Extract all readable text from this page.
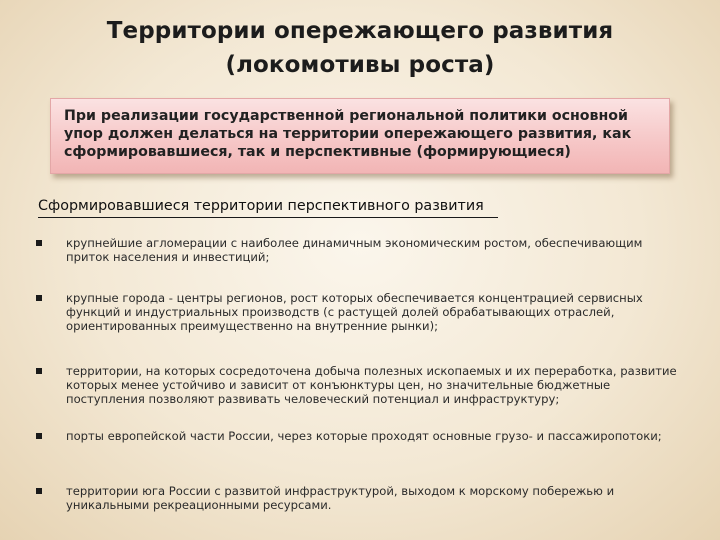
Территории опережающего развития
(локомотивы роста)
При реализации государственной региональной политики основной упор должен делаться на территории опережающего развития, как сформировавшиеся, так и перспективные (формирующиеся)
Сформировавшиеся территории перспективного развития
крупнейшие агломерации с наиболее динамичным экономическим ростом, обеспечивающим приток населения и инвестиций;
крупные города - центры регионов, рост которых обеспечивается концентрацией сервисных функций и индустриальных производств (с растущей долей обрабатывающих отраслей, ориентированных преимущественно на внутренние рынки);
территории, на которых сосредоточена добыча полезных ископаемых и их переработка, развитие которых менее устойчиво и зависит от конъюнктуры цен, но значительные бюджетные поступления позволяют развивать человеческий потенциал и инфраструктуру;
порты европейской части России, через которые проходят основные грузо- и пассажиропотоки;
территории юга России с развитой инфраструктурой, выходом к морскому побережью и уникальными рекреационными ресурсами.
